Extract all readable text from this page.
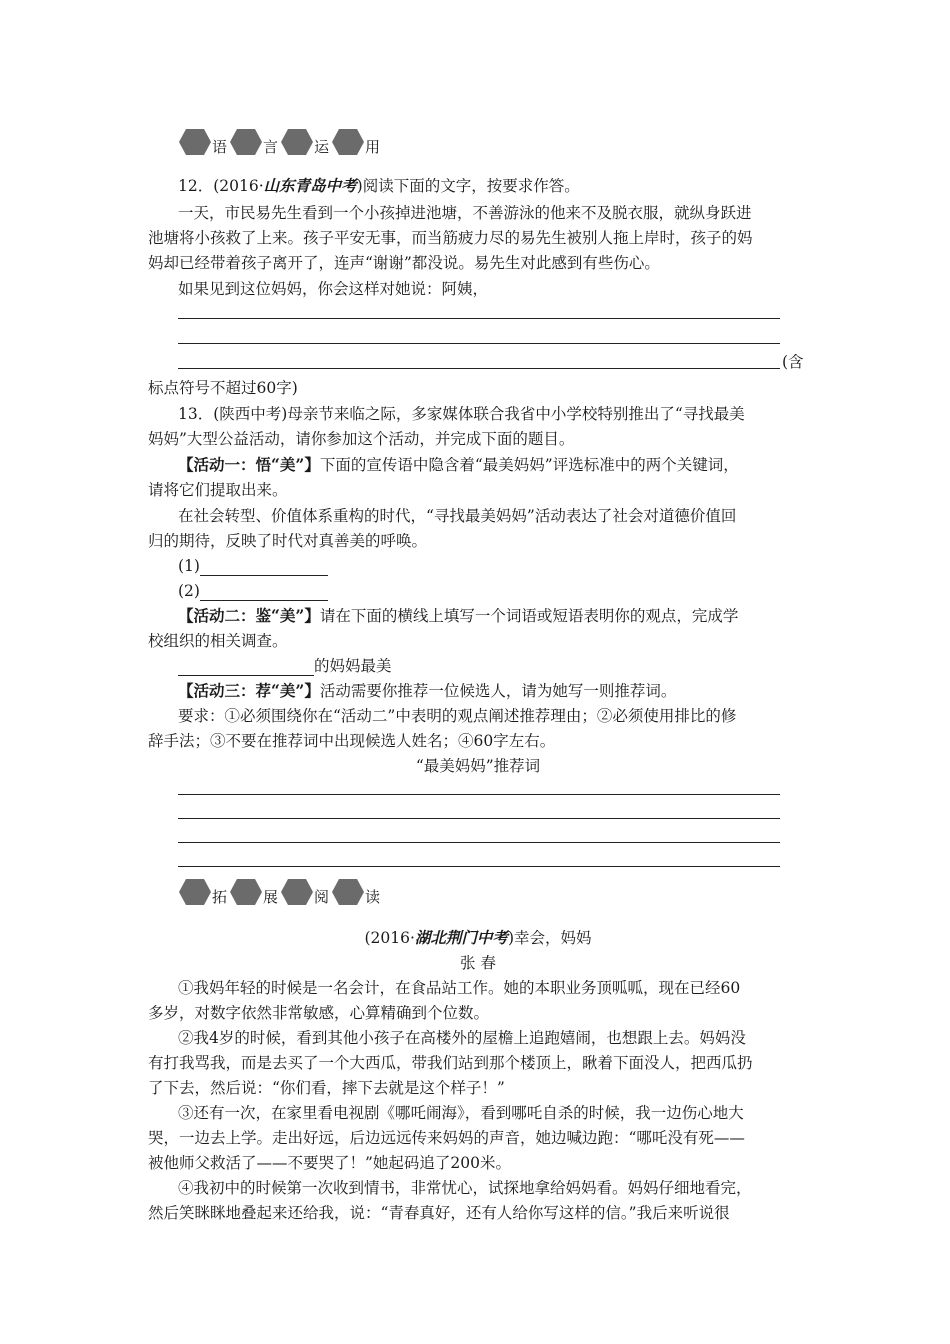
语 言 运 用
12．(2016·山东青岛中考)阅读下面的文字，按要求作答。
一天，市民易先生看到一个小孩掉进池塘，不善游泳的他来不及脱衣服，就纵身跃进
池塘将小孩救了上来。孩子平安无事，而当筋疲力尽的易先生被别人拖上岸时，孩子的妈
妈却已经带着孩子离开了，连声“谢谢”都没说。易先生对此感到有些伤心。
如果见到这位妈妈，你会这样对她说：阿姨，
(含
标点符号不超过60字)
13．(陕西中考)母亲节来临之际，多家媒体联合我省中小学校特别推出了“寻找最美
妈妈”大型公益活动，请你参加这个活动，并完成下面的题目。
【活动一：悟“美”】下面的宣传语中隐含着“最美妈妈”评选标准中的两个关键词，
请将它们提取出来。
在社会转型、价值体系重构的时代，“寻找最美妈妈”活动表达了社会对道德价值回
归的期待，反映了时代对真善美的呼唤。
(1)
(2)
【活动二：鉴“美”】请在下面的横线上填写一个词语或短语表明你的观点，完成学
校组织的相关调查。
的妈妈最美
【活动三：荐“美”】活动需要你推荐一位候选人，请为她写一则推荐词。
要求：①必须围绕你在“活动二”中表明的观点阐述推荐理由；②必须使用排比的修
辞手法；③不要在推荐词中出现候选人姓名；④60字左右。
“最美妈妈”推荐词
拓 展 阅 读
(2016·湖北荆门中考)幸会，妈妈
张 春
①我妈年轻的时候是一名会计，在食品站工作。她的本职业务顶呱呱，现在已经60
多岁，对数字依然非常敏感，心算精确到个位数。
②我4岁的时候，看到其他小孩子在高楼外的屋檐上追跑嬉闹，也想跟上去。妈妈没
有打我骂我，而是去买了一个大西瓜，带我们站到那个楼顶上，瞅着下面没人，把西瓜扔
了下去，然后说：“你们看，摔下去就是这个样子！”
③还有一次，在家里看电视剧《哪吒闹海》，看到哪吒自杀的时候，我一边伤心地大
哭，一边去上学。走出好远，后边远远传来妈妈的声音，她边喊边跑：“哪吒没有死——
被他师父救活了——不要哭了！”她起码追了200米。
④我初中的时候第一次收到情书，非常忧心，试探地拿给妈妈看。妈妈仔细地看完，
然后笑眯眯地叠起来还给我，说：“青春真好，还有人给你写这样的信。”我后来听说很
